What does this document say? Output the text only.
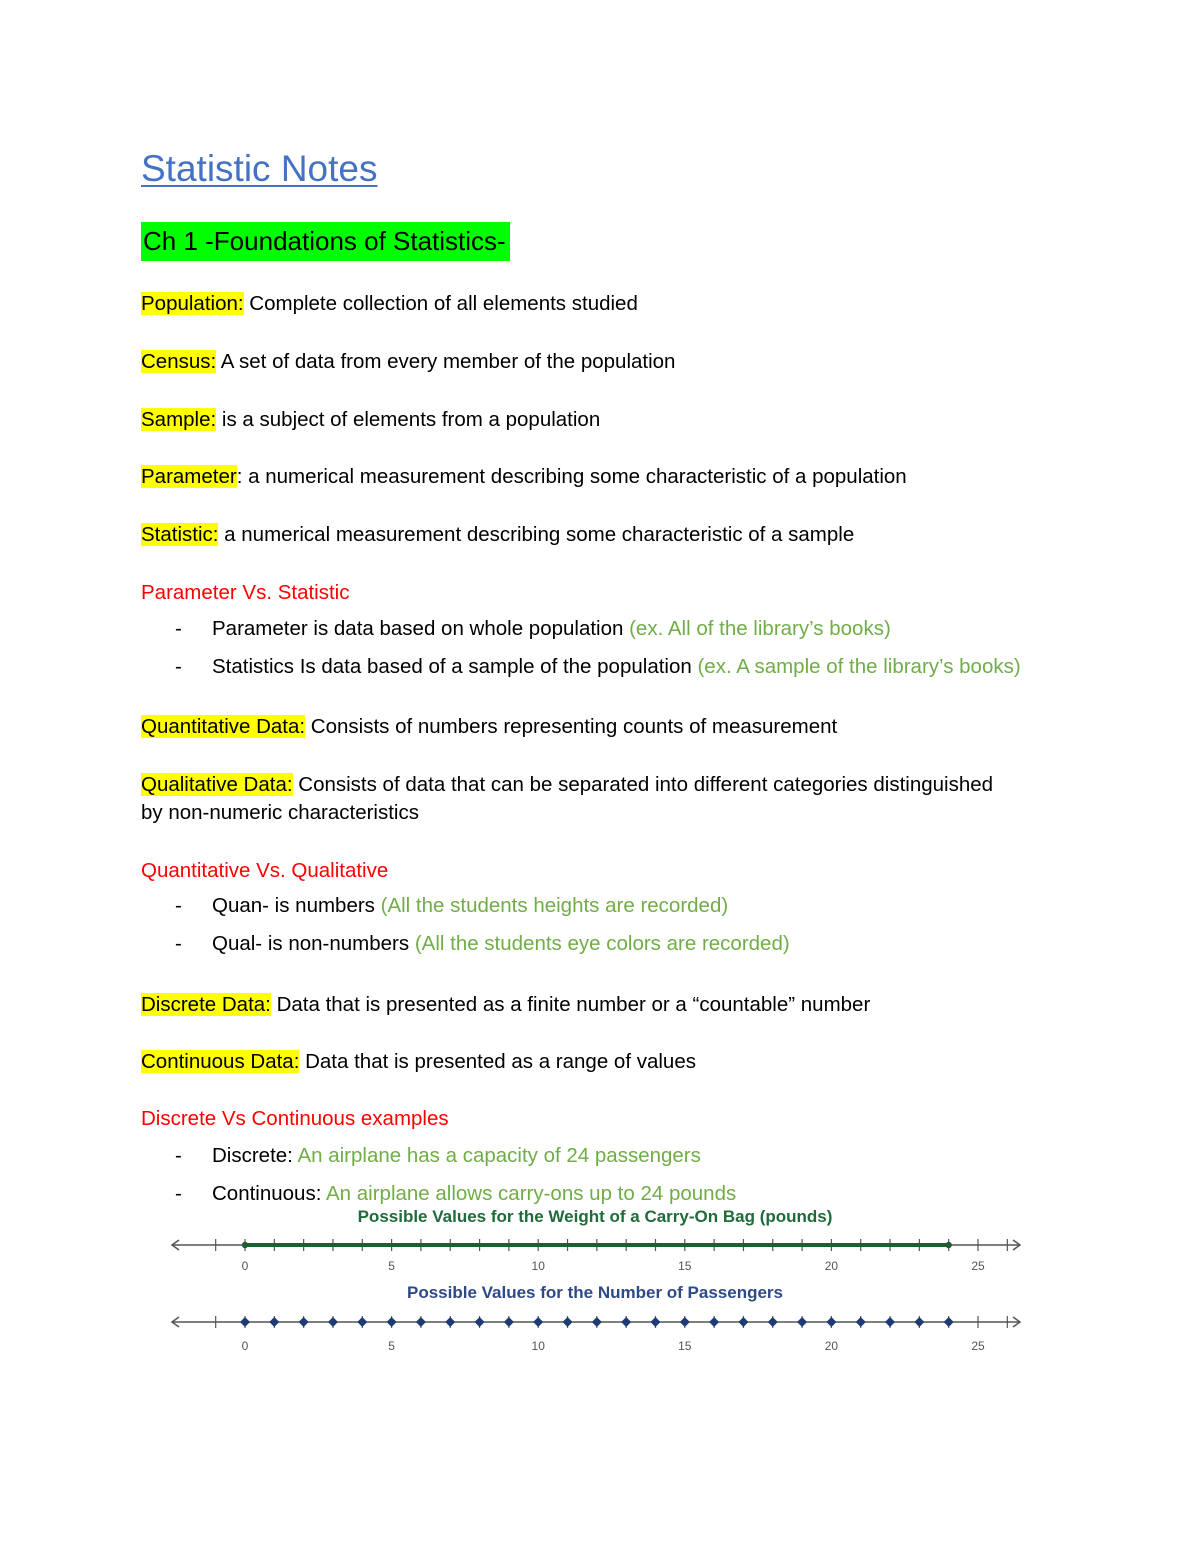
Statistic Notes
Ch 1 -Foundations of Statistics-
Population: Complete collection of all elements studied
Census: A set of data from every member of the population
Sample: is a subject of elements from a population
Parameter: a numerical measurement describing some characteristic of a population
Statistic: a numerical measurement describing some characteristic of a sample
Parameter Vs. Statistic
- Parameter is data based on whole population (ex. All of the library’s books)
- Statistics Is data based of a sample of the population (ex. A sample of the library’s books)
Quantitative Data: Consists of numbers representing counts of measurement
Qualitative Data: Consists of data that can be separated into different categories distinguished
by non-numeric characteristics
Quantitative Vs. Qualitative
- Quan- is numbers (All the students heights are recorded)
- Qual- is non-numbers (All the students eye colors are recorded)
Discrete Data: Data that is presented as a finite number or a “countable” number
Continuous Data: Data that is presented as a range of values
Discrete Vs Continuous examples
- Discrete: An airplane has a capacity of 24 passengers
- Continuous: An airplane allows carry-ons up to 24 pounds
Possible Values for the Weight of a Carry-On Bag (pounds)
0	5	10	15	20	25
Possible Values for the Number of Passengers
0	5	10	15	20	25
